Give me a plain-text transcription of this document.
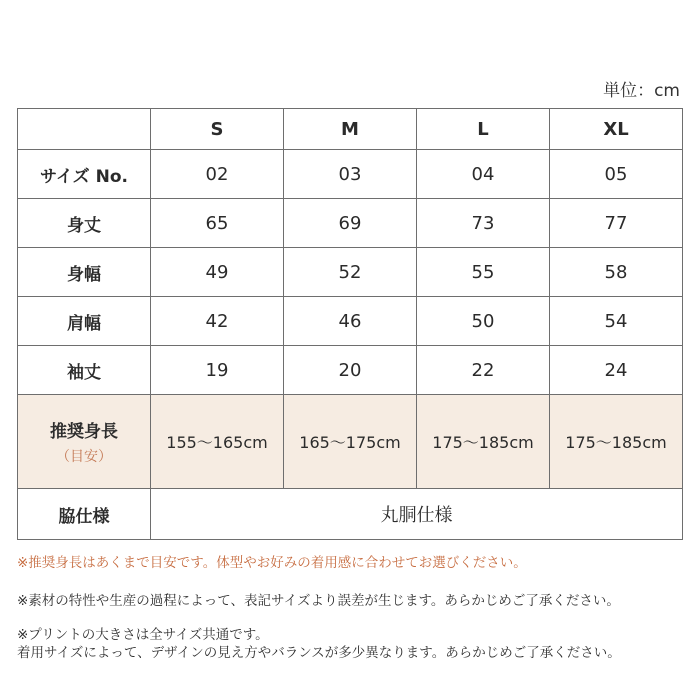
単位：cm
	S	M	L	XL
サイズ No.	02	03	04	05
身丈	65	69	73	77
身幅	49	52	55	58
肩幅	42	46	50	54
袖丈	19	20	22	24
推奨身長
（目安）	155〜165cm	165〜175cm	175〜185cm	175〜185cm
脇仕様	丸胴仕様			
※推奨身長はあくまで目安です。体型やお好みの着用感に合わせてお選びください。
※素材の特性や生産の過程によって、表記サイズより誤差が生じます。あらかじめご了承ください。
※プリントの大きさは全サイズ共通です。
着用サイズによって、デザインの見え方やバランスが多少異なります。あらかじめご了承ください。
